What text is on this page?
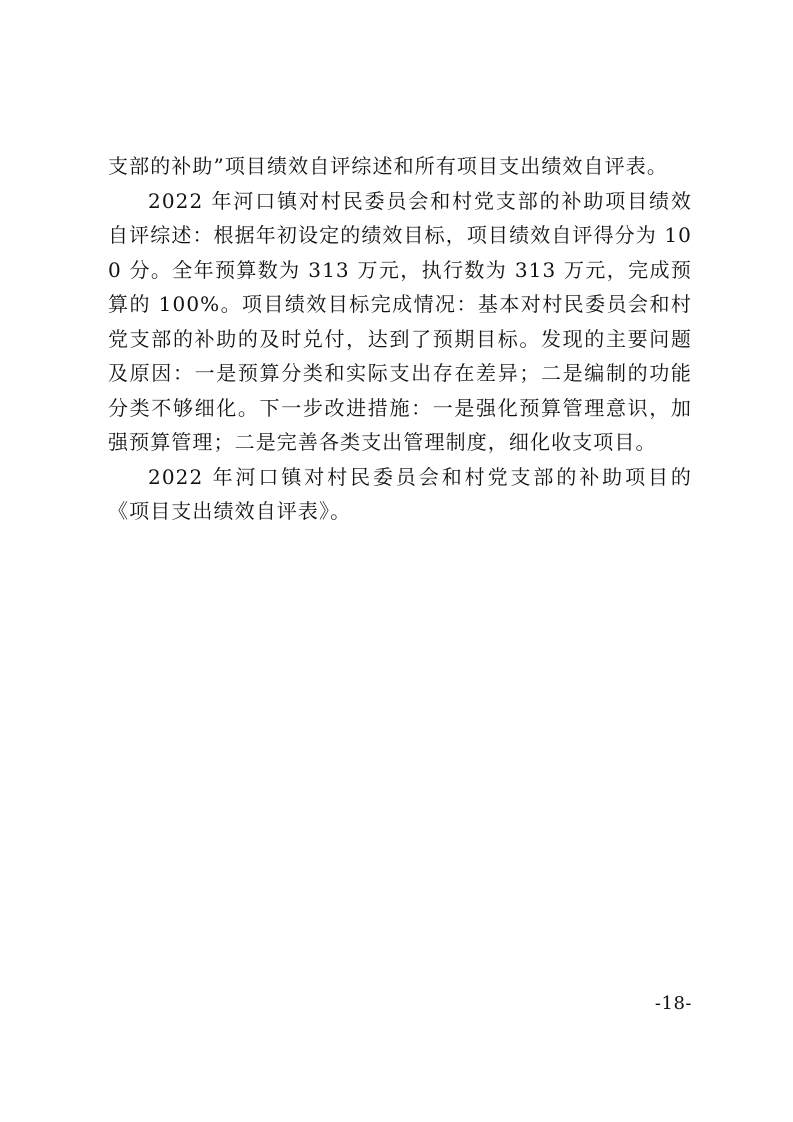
支部的补助”项目绩效自评综述和所有项目支出绩效自评表。

2022 年河口镇对村民委员会和村党支部的补助项目绩效自评综述：根据年初设定的绩效目标，项目绩效自评得分为 100 分。全年预算数为 313 万元，执行数为 313 万元，完成预算的 100%。项目绩效目标完成情况：基本对村民委员会和村党支部的补助的及时兑付，达到了预期目标。发现的主要问题及原因：一是预算分类和实际支出存在差异；二是编制的功能分类不够细化。下一步改进措施：一是强化预算管理意识，加强预算管理；二是完善各类支出管理制度，细化收支项目。

2022 年河口镇对村民委员会和村党支部的补助项目的《项目支出绩效自评表》。

-18-
